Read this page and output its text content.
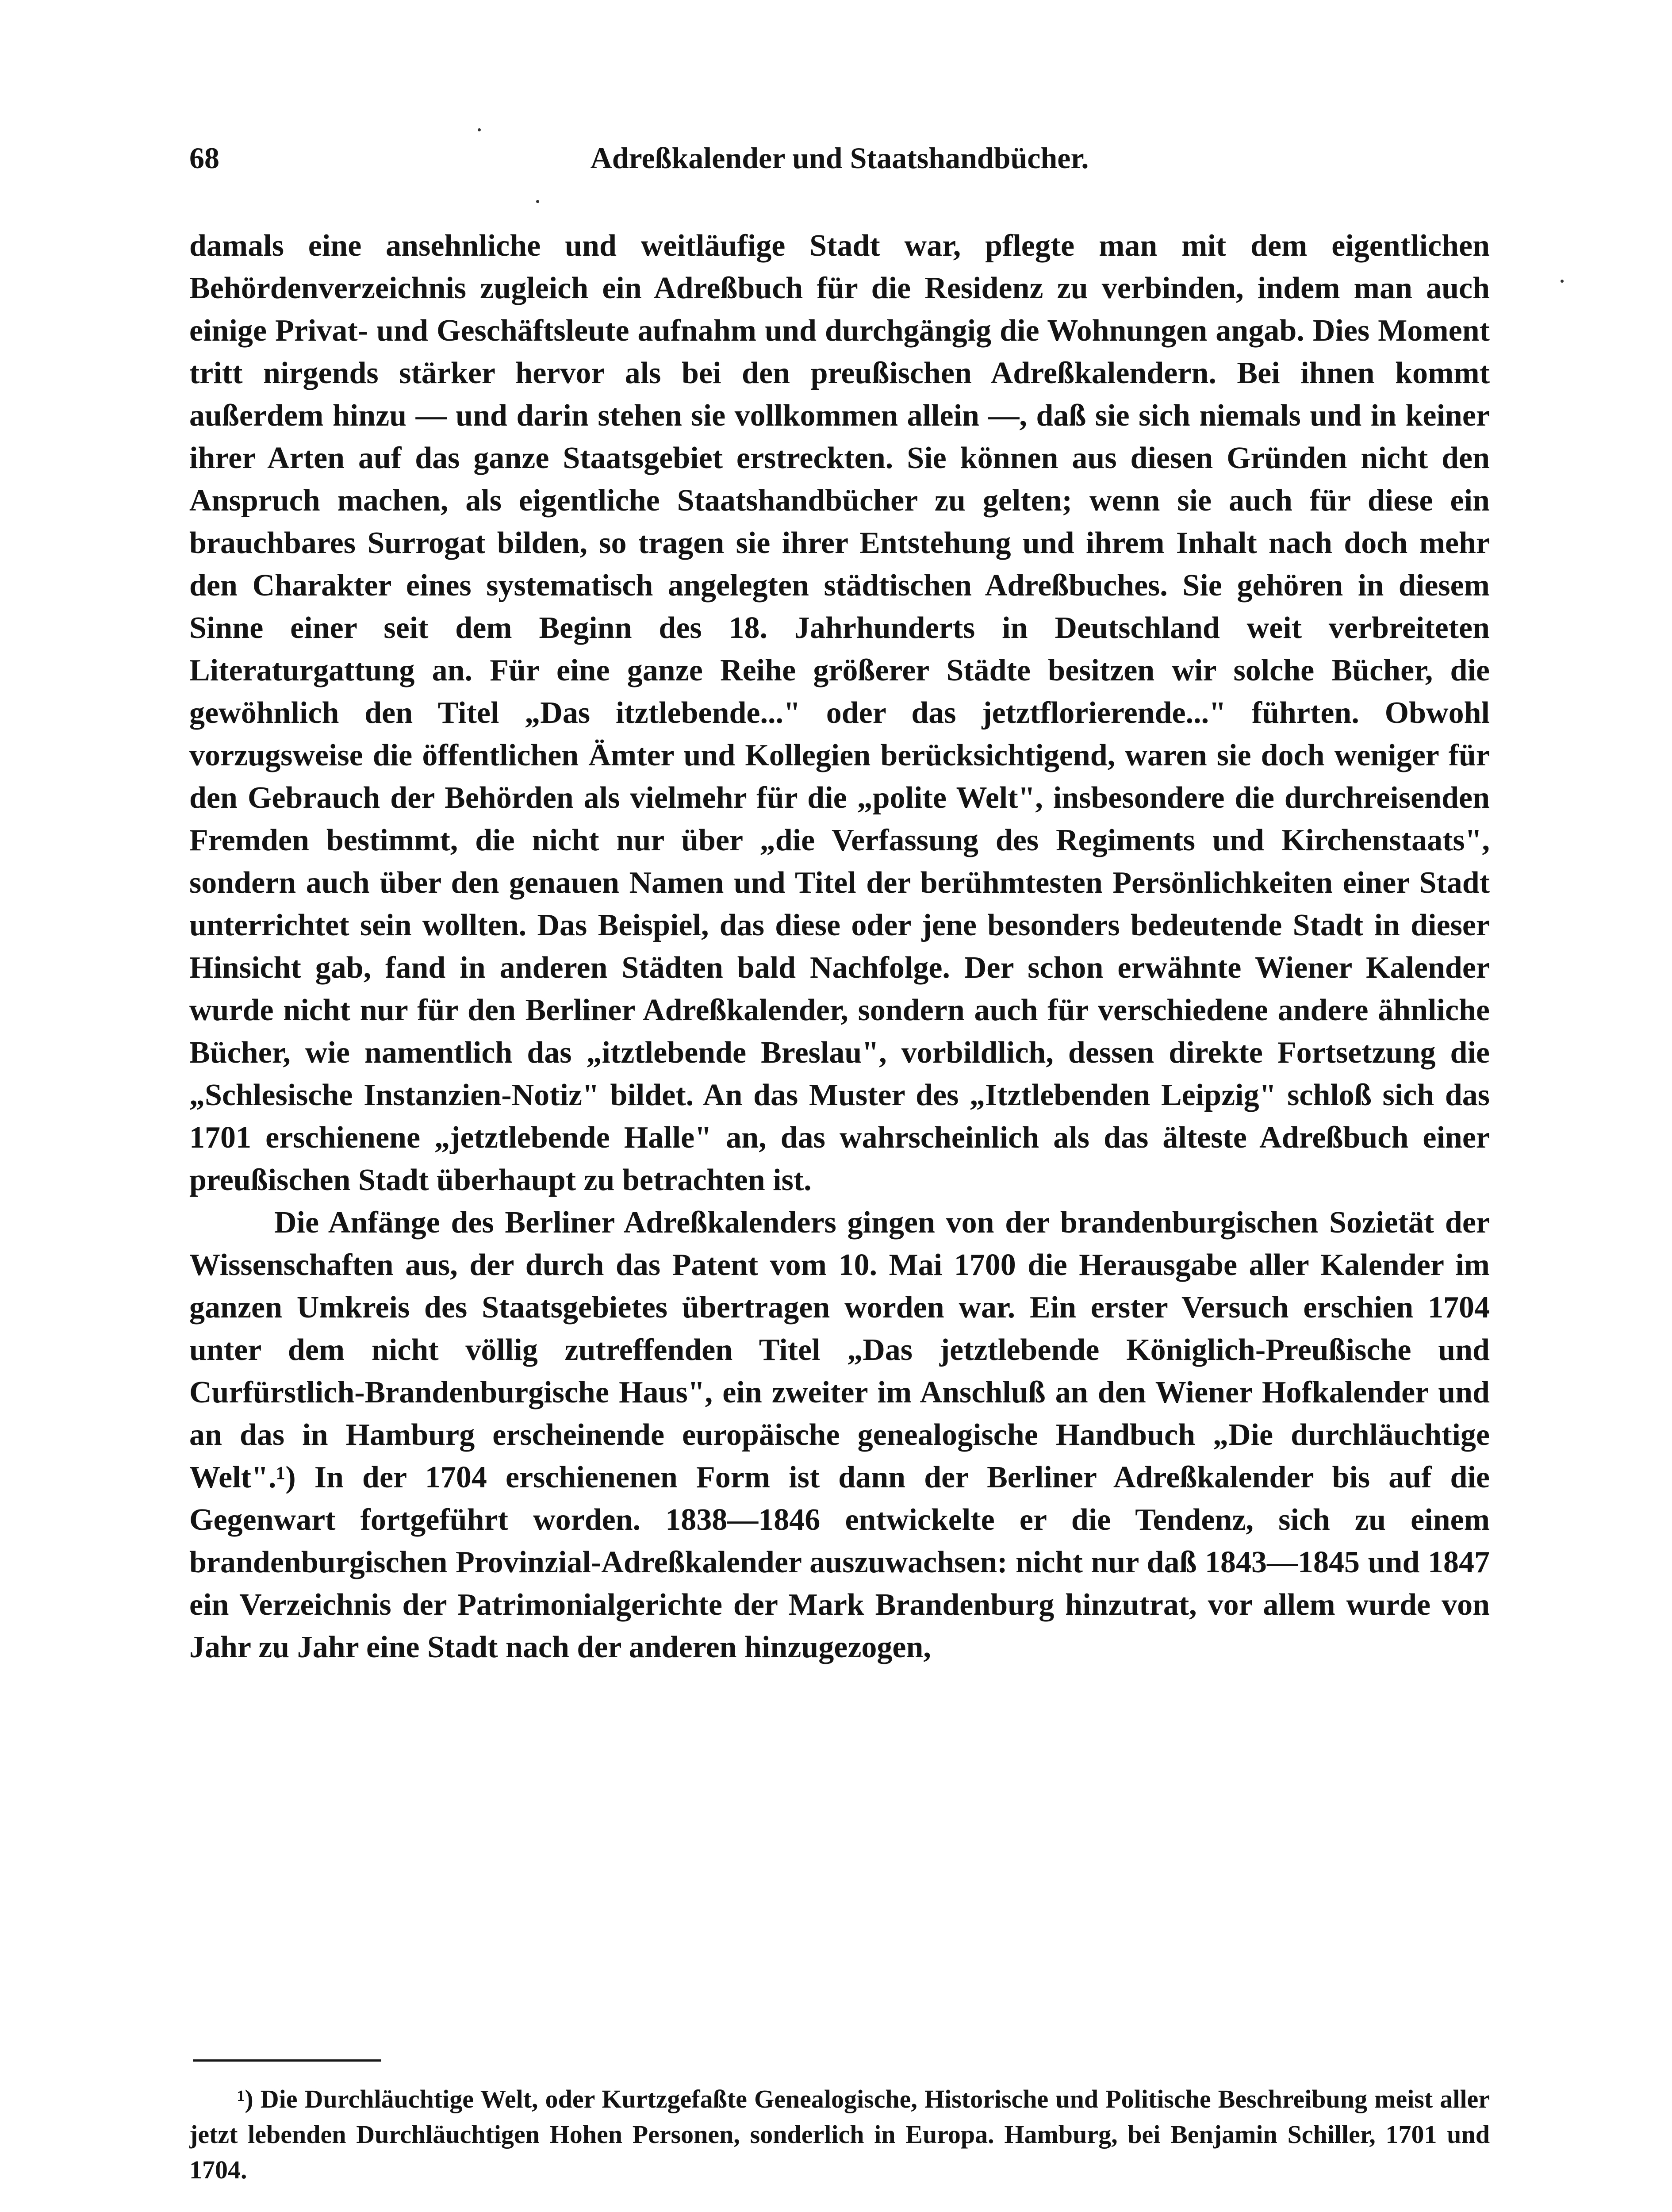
68	Adreßkalender und Staatshandbücher.

damals eine ansehnliche und weitläufige Stadt war, pflegte man mit dem eigentlichen Behördenverzeichnis zugleich ein Adreßbuch für die Residenz zu verbinden, indem man auch einige Privat- und Geschäftsleute aufnahm und durchgängig die Wohnungen angab. Dies Moment tritt nirgends stärker hervor als bei den preußischen Adreßkalendern. Bei ihnen kommt außerdem hinzu — und darin stehen sie vollkommen allein —, daß sie sich niemals und in keiner ihrer Arten auf das ganze Staatsgebiet erstreckten. Sie können aus diesen Gründen nicht den Anspruch machen, als eigentliche Staatshandbücher zu gelten; wenn sie auch für diese ein brauchbares Surrogat bilden, so tragen sie ihrer Entstehung und ihrem Inhalt nach doch mehr den Charakter eines systematisch angelegten städtischen Adreßbuches. Sie gehören in diesem Sinne einer seit dem Beginn des 18. Jahrhunderts in Deutschland weit verbreiteten Literaturgattung an. Für eine ganze Reihe größerer Städte besitzen wir solche Bücher, die gewöhnlich den Titel „Das itztlebende..." oder das jetztflorierende..." führten. Obwohl vorzugsweise die öffentlichen Ämter und Kollegien berücksichtigend, waren sie doch weniger für den Gebrauch der Behörden als vielmehr für die „polite Welt", insbesondere die durchreisenden Fremden bestimmt, die nicht nur über „die Verfassung des Regiments und Kirchenstaats", sondern auch über den genauen Namen und Titel der berühmtesten Persönlichkeiten einer Stadt unterrichtet sein wollten. Das Beispiel, das diese oder jene besonders bedeutende Stadt in dieser Hinsicht gab, fand in anderen Städten bald Nachfolge. Der schon erwähnte Wiener Kalender wurde nicht nur für den Berliner Adreßkalender, sondern auch für verschiedene andere ähnliche Bücher, wie namentlich das „itztlebende Breslau", vorbildlich, dessen direkte Fortsetzung die „Schlesische Instanzien-Notiz" bildet. An das Muster des „Itztlebenden Leipzig" schloß sich das 1701 erschienene „jetztlebende Halle" an, das wahrscheinlich als das älteste Adreßbuch einer preußischen Stadt überhaupt zu betrachten ist.

Die Anfänge des Berliner Adreßkalenders gingen von der brandenburgischen Sozietät der Wissenschaften aus, der durch das Patent vom 10. Mai 1700 die Herausgabe aller Kalender im ganzen Umkreis des Staatsgebietes übertragen worden war. Ein erster Versuch erschien 1704 unter dem nicht völlig zutreffenden Titel „Das jetztlebende Königlich-Preußische und Curfürstlich-Brandenburgische Haus", ein zweiter im Anschluß an den Wiener Hofkalender und an das in Hamburg erscheinende europäische genealogische Handbuch „Die durchläuchtige Welt".¹) In der 1704 erschienenen Form ist dann der Berliner Adreßkalender bis auf die Gegenwart fortgeführt worden. 1838—1846 entwickelte er die Tendenz, sich zu einem brandenburgischen Provinzial-Adreßkalender auszuwachsen: nicht nur daß 1843—1845 und 1847 ein Verzeichnis der Patrimonialgerichte der Mark Brandenburg hinzutrat, vor allem wurde von Jahr zu Jahr eine Stadt nach der anderen hinzugezogen,

¹) Die Durchläuchtige Welt, oder Kurtzgefaßte Genealogische, Historische und Politische Beschreibung meist aller jetzt lebenden Durchläuchtigen Hohen Personen, sonderlich in Europa. Hamburg, bei Benjamin Schiller, 1701 und 1704.
